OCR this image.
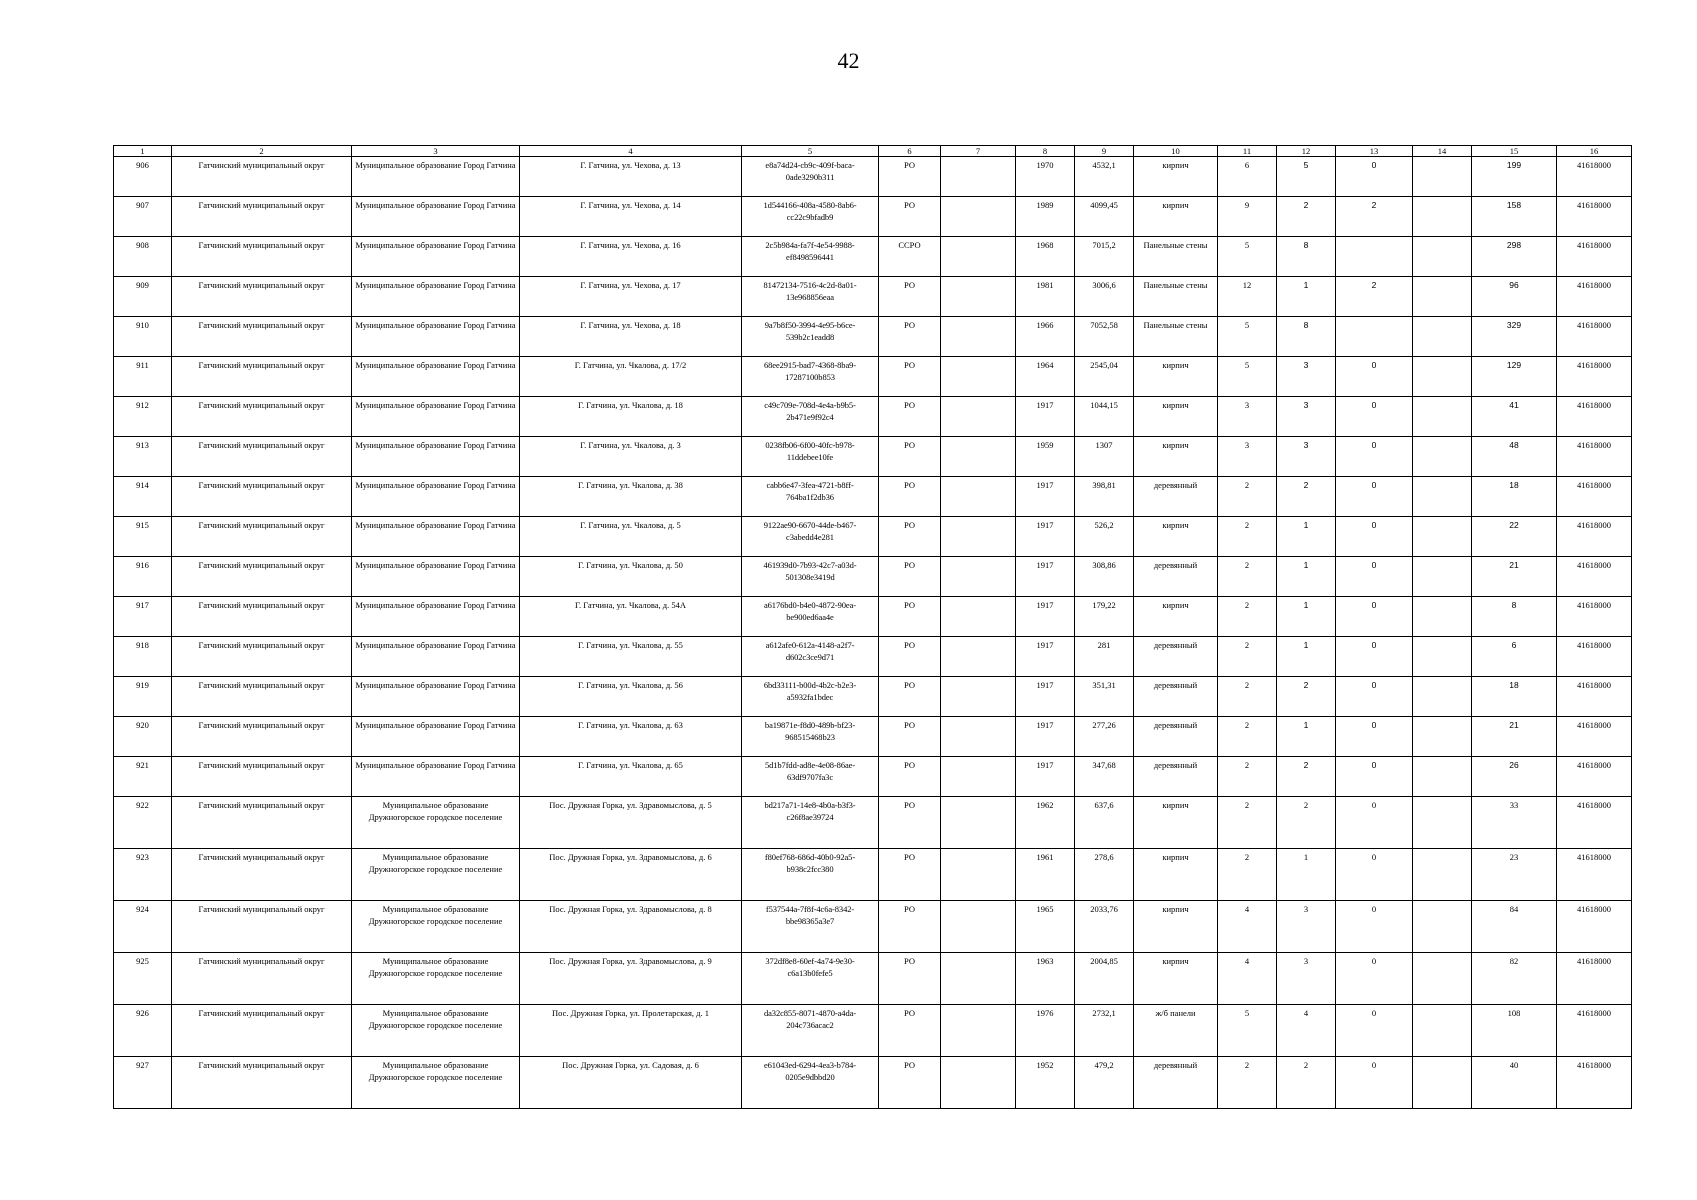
42
1	2	3	4	5	6	7	8	9	10	11	12	13	14	15	16
906	Гатчинский муниципальный округ	Муниципальное образование Город Гатчина	Г. Гатчина, ул. Чехова, д. 13	e8a74d24-cb9c-409f-baca-0ade3290b311	РО		1970	4532,1	кирпич	6	5	0		199	41618000
907	Гатчинский муниципальный округ	Муниципальное образование Город Гатчина	Г. Гатчина, ул. Чехова, д. 14	1d544166-408a-4580-8ab6-cc22c9bfadb9	РО		1989	4099,45	кирпич	9	2	2		158	41618000
908	Гатчинский муниципальный округ	Муниципальное образование Город Гатчина	Г. Гатчина, ул. Чехова, д. 16	2c5b984a-fa7f-4e54-9988-ef8498596441	ССРО		1968	7015,2	Панельные стены	5	8			298	41618000
909	Гатчинский муниципальный округ	Муниципальное образование Город Гатчина	Г. Гатчина, ул. Чехова, д. 17	81472134-7516-4c2d-8a01-13e968856eaa	РО		1981	3006,6	Панельные стены	12	1	2		96	41618000
910	Гатчинский муниципальный округ	Муниципальное образование Город Гатчина	Г. Гатчина, ул. Чехова, д. 18	9a7b8f50-3994-4e95-b6ce-539b2c1eadd8	РО		1966	7052,58	Панельные стены	5	8			329	41618000
911	Гатчинский муниципальный округ	Муниципальное образование Город Гатчина	Г. Гатчина, ул. Чкалова, д. 17/2	68ee2915-bad7-4368-8ba9-17287100b853	РО		1964	2545,04	кирпич	5	3	0		129	41618000
912	Гатчинский муниципальный округ	Муниципальное образование Город Гатчина	Г. Гатчина, ул. Чкалова, д. 18	c49c709e-708d-4e4a-b9b5-2b471e9f92c4	РО		1917	1044,15	кирпич	3	3	0		41	41618000
913	Гатчинский муниципальный округ	Муниципальное образование Город Гатчина	Г. Гатчина, ул. Чкалова, д. 3	0238fb06-6f00-40fc-b978-11ddebee10fe	РО		1959	1307	кирпич	3	3	0		48	41618000
914	Гатчинский муниципальный округ	Муниципальное образование Город Гатчина	Г. Гатчина, ул. Чкалова, д. 38	cabb6e47-3fea-4721-b8ff-764ba1f2db36	РО		1917	398,81	деревянный	2	2	0		18	41618000
915	Гатчинский муниципальный округ	Муниципальное образование Город Гатчина	Г. Гатчина, ул. Чкалова, д. 5	9122ae90-6670-44de-b467-c3abedd4e281	РО		1917	526,2	кирпич	2	1	0		22	41618000
916	Гатчинский муниципальный округ	Муниципальное образование Город Гатчина	Г. Гатчина, ул. Чкалова, д. 50	461939d0-7b93-42c7-a03d-501308e3419d	РО		1917	308,86	деревянный	2	1	0		21	41618000
917	Гатчинский муниципальный округ	Муниципальное образование Город Гатчина	Г. Гатчина, ул. Чкалова, д. 54А	a6176bd0-b4e0-4872-90ea-be900ed6aa4e	РО		1917	179,22	кирпич	2	1	0		8	41618000
918	Гатчинский муниципальный округ	Муниципальное образование Город Гатчина	Г. Гатчина, ул. Чкалова, д. 55	a612afe0-612a-4148-a2f7-d602c3ce9d71	РО		1917	281	деревянный	2	1	0		6	41618000
919	Гатчинский муниципальный округ	Муниципальное образование Город Гатчина	Г. Гатчина, ул. Чкалова, д. 56	6bd33111-b00d-4b2c-b2e3-a5932fa1bdec	РО		1917	351,31	деревянный	2	2	0		18	41618000
920	Гатчинский муниципальный округ	Муниципальное образование Город Гатчина	Г. Гатчина, ул. Чкалова, д. 63	ba19871e-f8d0-489b-bf23-968515468b23	РО		1917	277,26	деревянный	2	1	0		21	41618000
921	Гатчинский муниципальный округ	Муниципальное образование Город Гатчина	Г. Гатчина, ул. Чкалова, д. 65	5d1b7fdd-ad8e-4e08-86ae-63df9707fa3c	РО		1917	347,68	деревянный	2	2	0		26	41618000
922	Гатчинский муниципальный округ	Муниципальное образование Дружногорское городское поселение	Пос. Дружная Горка, ул. Здравомыслова, д. 5	bd217a71-14e8-4b0a-b3f3-c26f8ae39724	РО		1962	637,6	кирпич	2	2	0		33	41618000
923	Гатчинский муниципальный округ	Муниципальное образование Дружногорское городское поселение	Пос. Дружная Горка, ул. Здравомыслова, д. 6	f80ef768-686d-40b0-92a5-b938c2fcc380	РО		1961	278,6	кирпич	2	1	0		23	41618000
924	Гатчинский муниципальный округ	Муниципальное образование Дружногорское городское поселение	Пос. Дружная Горка, ул. Здравомыслова, д. 8	f537544a-7f8f-4c6a-8342-bbe98365a3e7	РО		1965	2033,76	кирпич	4	3	0		84	41618000
925	Гатчинский муниципальный округ	Муниципальное образование Дружногорское городское поселение	Пос. Дружная Горка, ул. Здравомыслова, д. 9	372df8e8-60ef-4a74-9e30-c6a13b0fefe5	РО		1963	2004,85	кирпич	4	3	0		82	41618000
926	Гатчинский муниципальный округ	Муниципальное образование Дружногорское городское поселение	Пос. Дружная Горка, ул. Пролетарская, д. 1	da32c855-8071-4870-a4da-204c736acac2	РО		1976	2732,1	ж/б панели	5	4	0		108	41618000
927	Гатчинский муниципальный округ	Муниципальное образование Дружногорское городское поселение	Пос. Дружная Горка, ул. Садовая, д. 6	e61043ed-6294-4ea3-b784-0205e9dbbd20	РО		1952	479,2	деревянный	2	2	0		40	41618000
